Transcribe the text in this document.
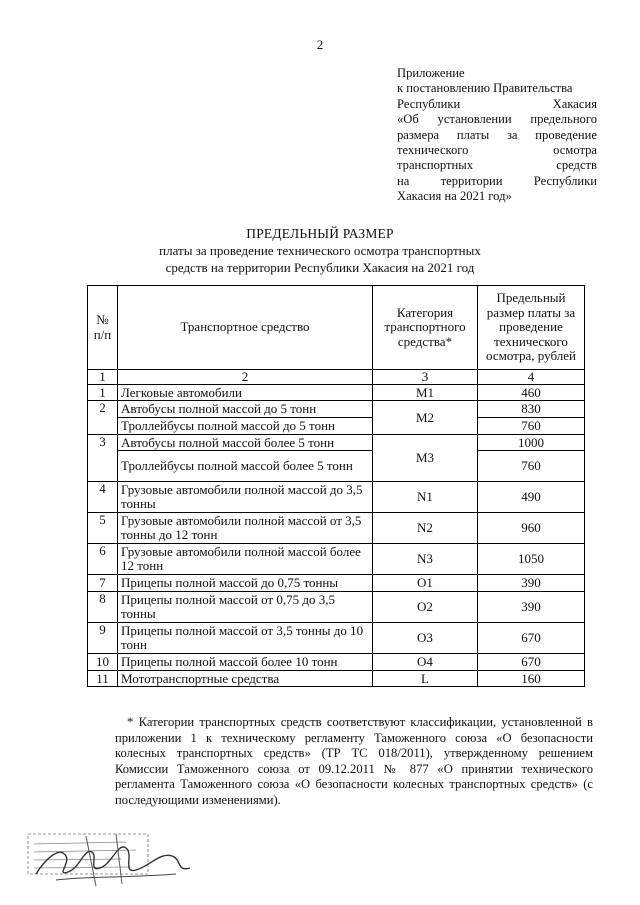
2
Приложение
к постановлению Правительства
Республики Хакасия
«Об установлении предельного
размера платы за проведение
технического осмотра
транспортных средств
на территории Республики
Хакасия на 2021 год»
ПРЕДЕЛЬНЫЙ РАЗМЕР
платы за проведение технического осмотра транспортных
средств на территории Республики Хакасия на 2021 год
№ п/п	Транспортное средство	Категория транспортного средства*	Предельный размер платы за проведение технического осмотра, рублей
1	2	3	4
1	Легковые автомобили	M1	460
2	Автобусы полной массой до 5 тонн	M2	830
	Троллейбусы полной массой до 5 тонн		760
3	Автобусы полной массой более 5 тонн	M3	1000
	Троллейбусы полной массой более 5 тонн		760
4	Грузовые автомобили полной массой до 3,5 тонны	N1	490
5	Грузовые автомобили полной массой от 3,5 тонны до 12 тонн	N2	960
6	Грузовые автомобили полной массой более 12 тонн	N3	1050
7	Прицепы полной массой до 0,75 тонны	O1	390
8	Прицепы полной массой от 0,75 до 3,5 тонны	O2	390
9	Прицепы полной массой от 3,5 тонны до 10 тонн	O3	670
10	Прицепы полной массой более 10 тонн	O4	670
11	Мототранспортные средства	L	160
* Категории транспортных средств соответствуют классификации, установленной в приложении 1 к техническому регламенту Таможенного союза «О безопасности колесных транспортных средств» (ТР ТС 018/2011), утвержденному решением Комиссии Таможенного союза от 09.12.2011 № 877 «О принятии технического регламента Таможенного союза «О безопасности колесных транспортных средств» (с последующими изменениями).
